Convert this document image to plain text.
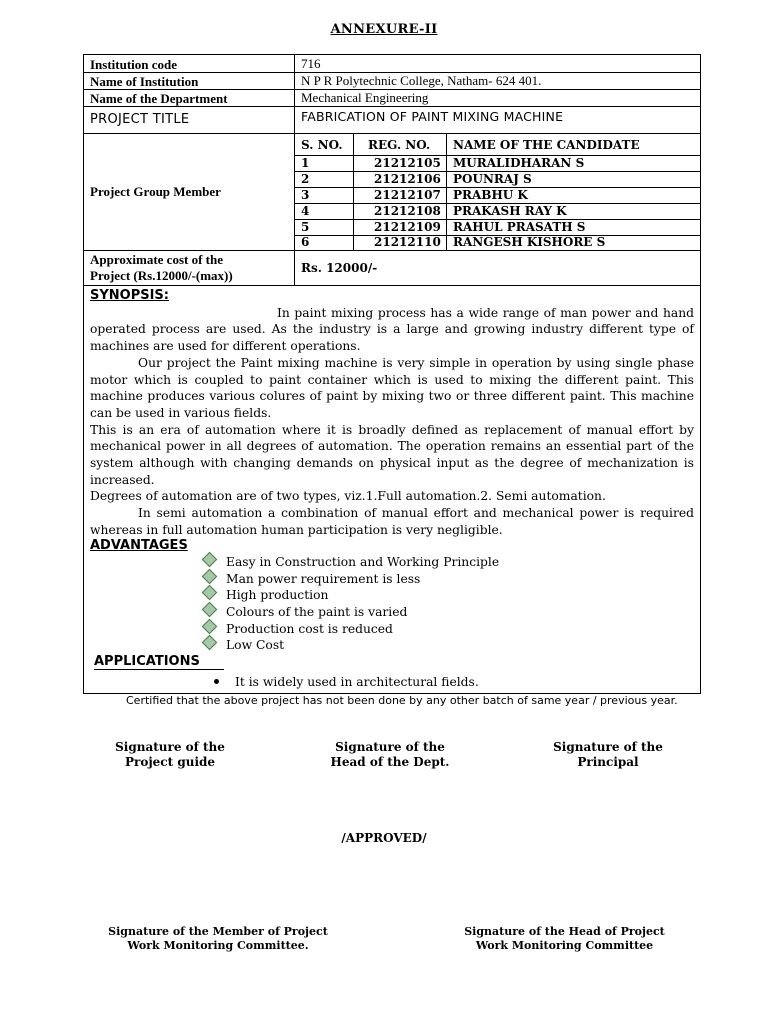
ANNEXURE-II
Institution code	716
Name of Institution	N P R Polytechnic College, Natham- 624 401.
Name of the Department	Mechanical Engineering
PROJECT TITLE	FABRICATION OF PAINT MIXING MACHINE
Project Group Member
S. NO. REG. NO. NAME OF THE CANDIDATE
1	21212105 MURALIDHARAN S
2	21212106 POUNRAJ S
3	21212107 PRABHU K
4	21212108 PRAKASH RAY K
5	21212109 RAHUL PRASATH S
6	21212110 RANGESH KISHORE S
Approximate cost of the
Project (Rs.12000/-(max))	Rs. 12000/-
SYNOPSIS:

In paint mixing process has a wide range of man power and hand operated process are used. As the industry is a large and growing industry different type of machines are used for different operations.

Our project the Paint mixing machine is very simple in operation by using single phase motor which is coupled to paint container which is used to mixing the different paint. This machine produces various colures of paint by mixing two or three different paint. This machine can be used in various fields.

This is an era of automation where it is broadly defined as replacement of manual effort by mechanical power in all degrees of automation. The operation remains an essential part of the system although with changing demands on physical input as the degree of mechanization is increased.

Degrees of automation are of two types, viz.1.Full automation.2. Semi automation.

In semi automation a combination of manual effort and mechanical power is required whereas in full automation human participation is very negligible.

ADVANTAGES
Easy in Construction and Working Principle
Man power requirement is less
High production
Colours of the paint is varied
Production cost is reduced
Low Cost
APPLICATIONS
It is widely used in architectural fields.
Certified that the above project has not been done by any other batch of same year / previous year.
Signature of the
Project guide
Signature of the
Head of the Dept.
Signature of the
Principal
/APPROVED/
Signature of the Member of Project
Work Monitoring Committee.
Signature of the Head of Project
Work Monitoring Committee
